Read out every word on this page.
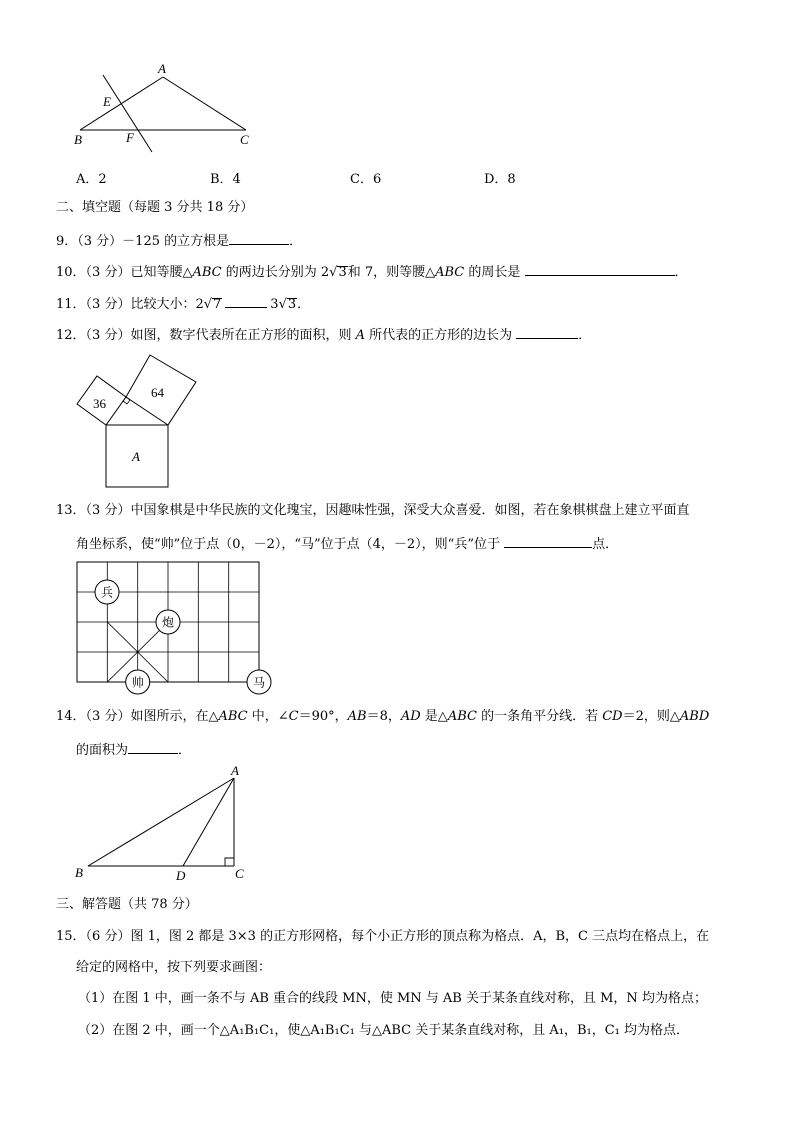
A
E
B	F	C
A．2	B．4	C．6	D．8
二、填空题（每题 3 分共 18 分）
9．（3 分）－125 的立方根是	．
10．（3 分）已知等腰△ABC 的两边长分别为 2√3和 7，则等腰△ABC 的周长是	．
11．（3 分）比较大小：2√7	3√3．
12．（3 分）如图，数字代表所在正方形的面积，则 A 所代表的正方形的边长为	．
36
64
A
13．（3 分）中国象棋是中华民族的文化瑰宝，因趣味性强，深受大众喜爱．如图，若在象棋棋盘上建立平面直
角坐标系，使“帅”位于点（0，－2），“马”位于点（4，－2），则“兵”位于	点．
兵
炮
帅	马
14．（3 分）如图所示，在△ABC 中，∠C＝90°，AB＝8，AD 是△ABC 的一条角平分线．若 CD＝2，则△ABD
的面积为	．
A
B	D	C
三、解答题（共 78 分）
15．（6 分）图 1，图 2 都是 3×3 的正方形网格，每个小正方形的顶点称为格点．A，B，C 三点均在格点上，在
给定的网格中，按下列要求画图：
（1）在图 1 中，画一条不与 AB 重合的线段 MN，使 MN 与 AB 关于某条直线对称，且 M，N 均为格点；
（2）在图 2 中，画一个△A₁B₁C₁，使△A₁B₁C₁ 与△ABC 关于某条直线对称，且 A₁，B₁，C₁ 均为格点．
